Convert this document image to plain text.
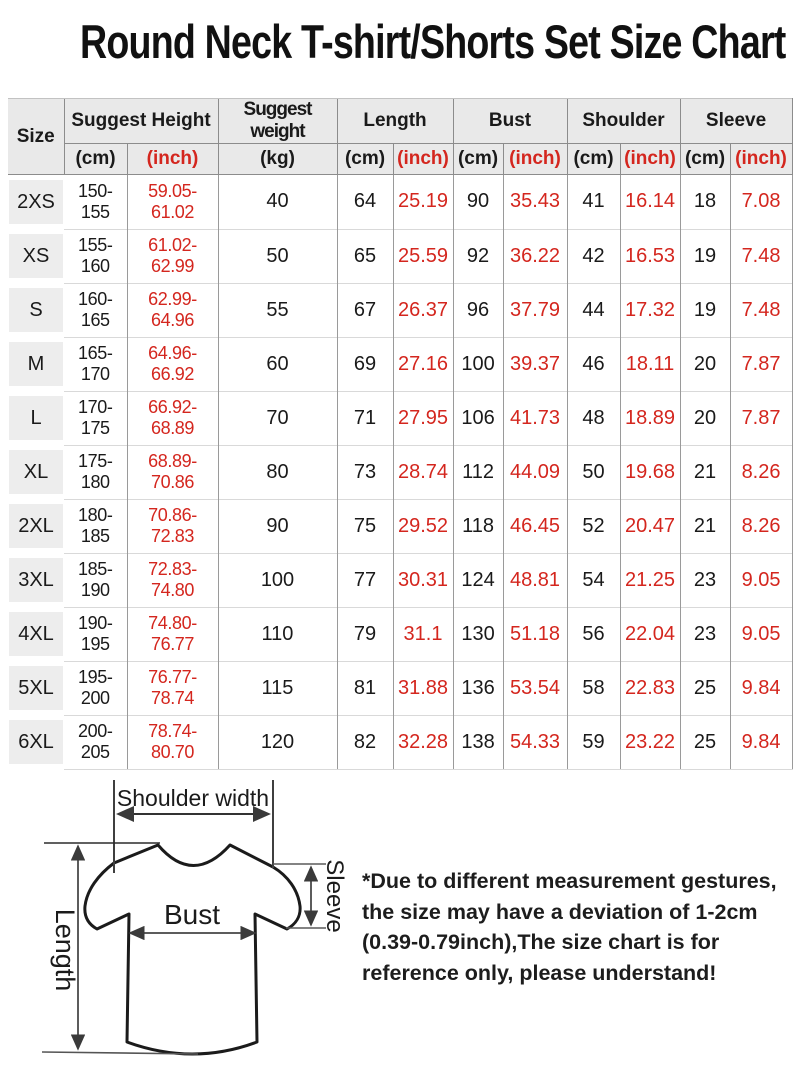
Round Neck T-shirt/Shorts Set Size Chart
Size	Suggest Height		Suggest weight	Length		Bust		Shoulder		Sleeve	
	(cm)	(inch)	(kg)	(cm)	(inch)	(cm)	(inch)	(cm)	(inch)	(cm)	(inch)

2XS	150-155	59.05-61.02	40	64	25.19	90	35.43	41	16.14	18	7.08

XS	155-160	61.02-62.99	50	65	25.59	92	36.22	42	16.53	19	7.48

S	160-165	62.99-64.96	55	67	26.37	96	37.79	44	17.32	19	7.48

M	165-170	64.96-66.92	60	69	27.16	100	39.37	46	18.11	20	7.87

L	170-175	66.92-68.89	70	71	27.95	106	41.73	48	18.89	20	7.87

XL	175-180	68.89-70.86	80	73	28.74	112	44.09	50	19.68	21	8.26

2XL	180-185	70.86-72.83	90	75	29.52	118	46.45	52	20.47	21	8.26

3XL	185-190	72.83-74.80	100	77	30.31	124	48.81	54	21.25	23	9.05

4XL	190-195	74.80-76.77	110	79	31.1	130	51.18	56	22.04	23	9.05

5XL	195-200	76.77-78.74	115	81	31.88	136	53.54	58	22.83	25	9.84

6XL	200-205	78.74-80.70	120	82	32.28	138	54.33	59	23.22	25	9.84
Shoulder width
Length
Sleeve
Bust
*Due to different measurement gestures, the size may have a deviation of 1-2cm (0.39-0.79inch),The size chart is for reference only, please understand!
